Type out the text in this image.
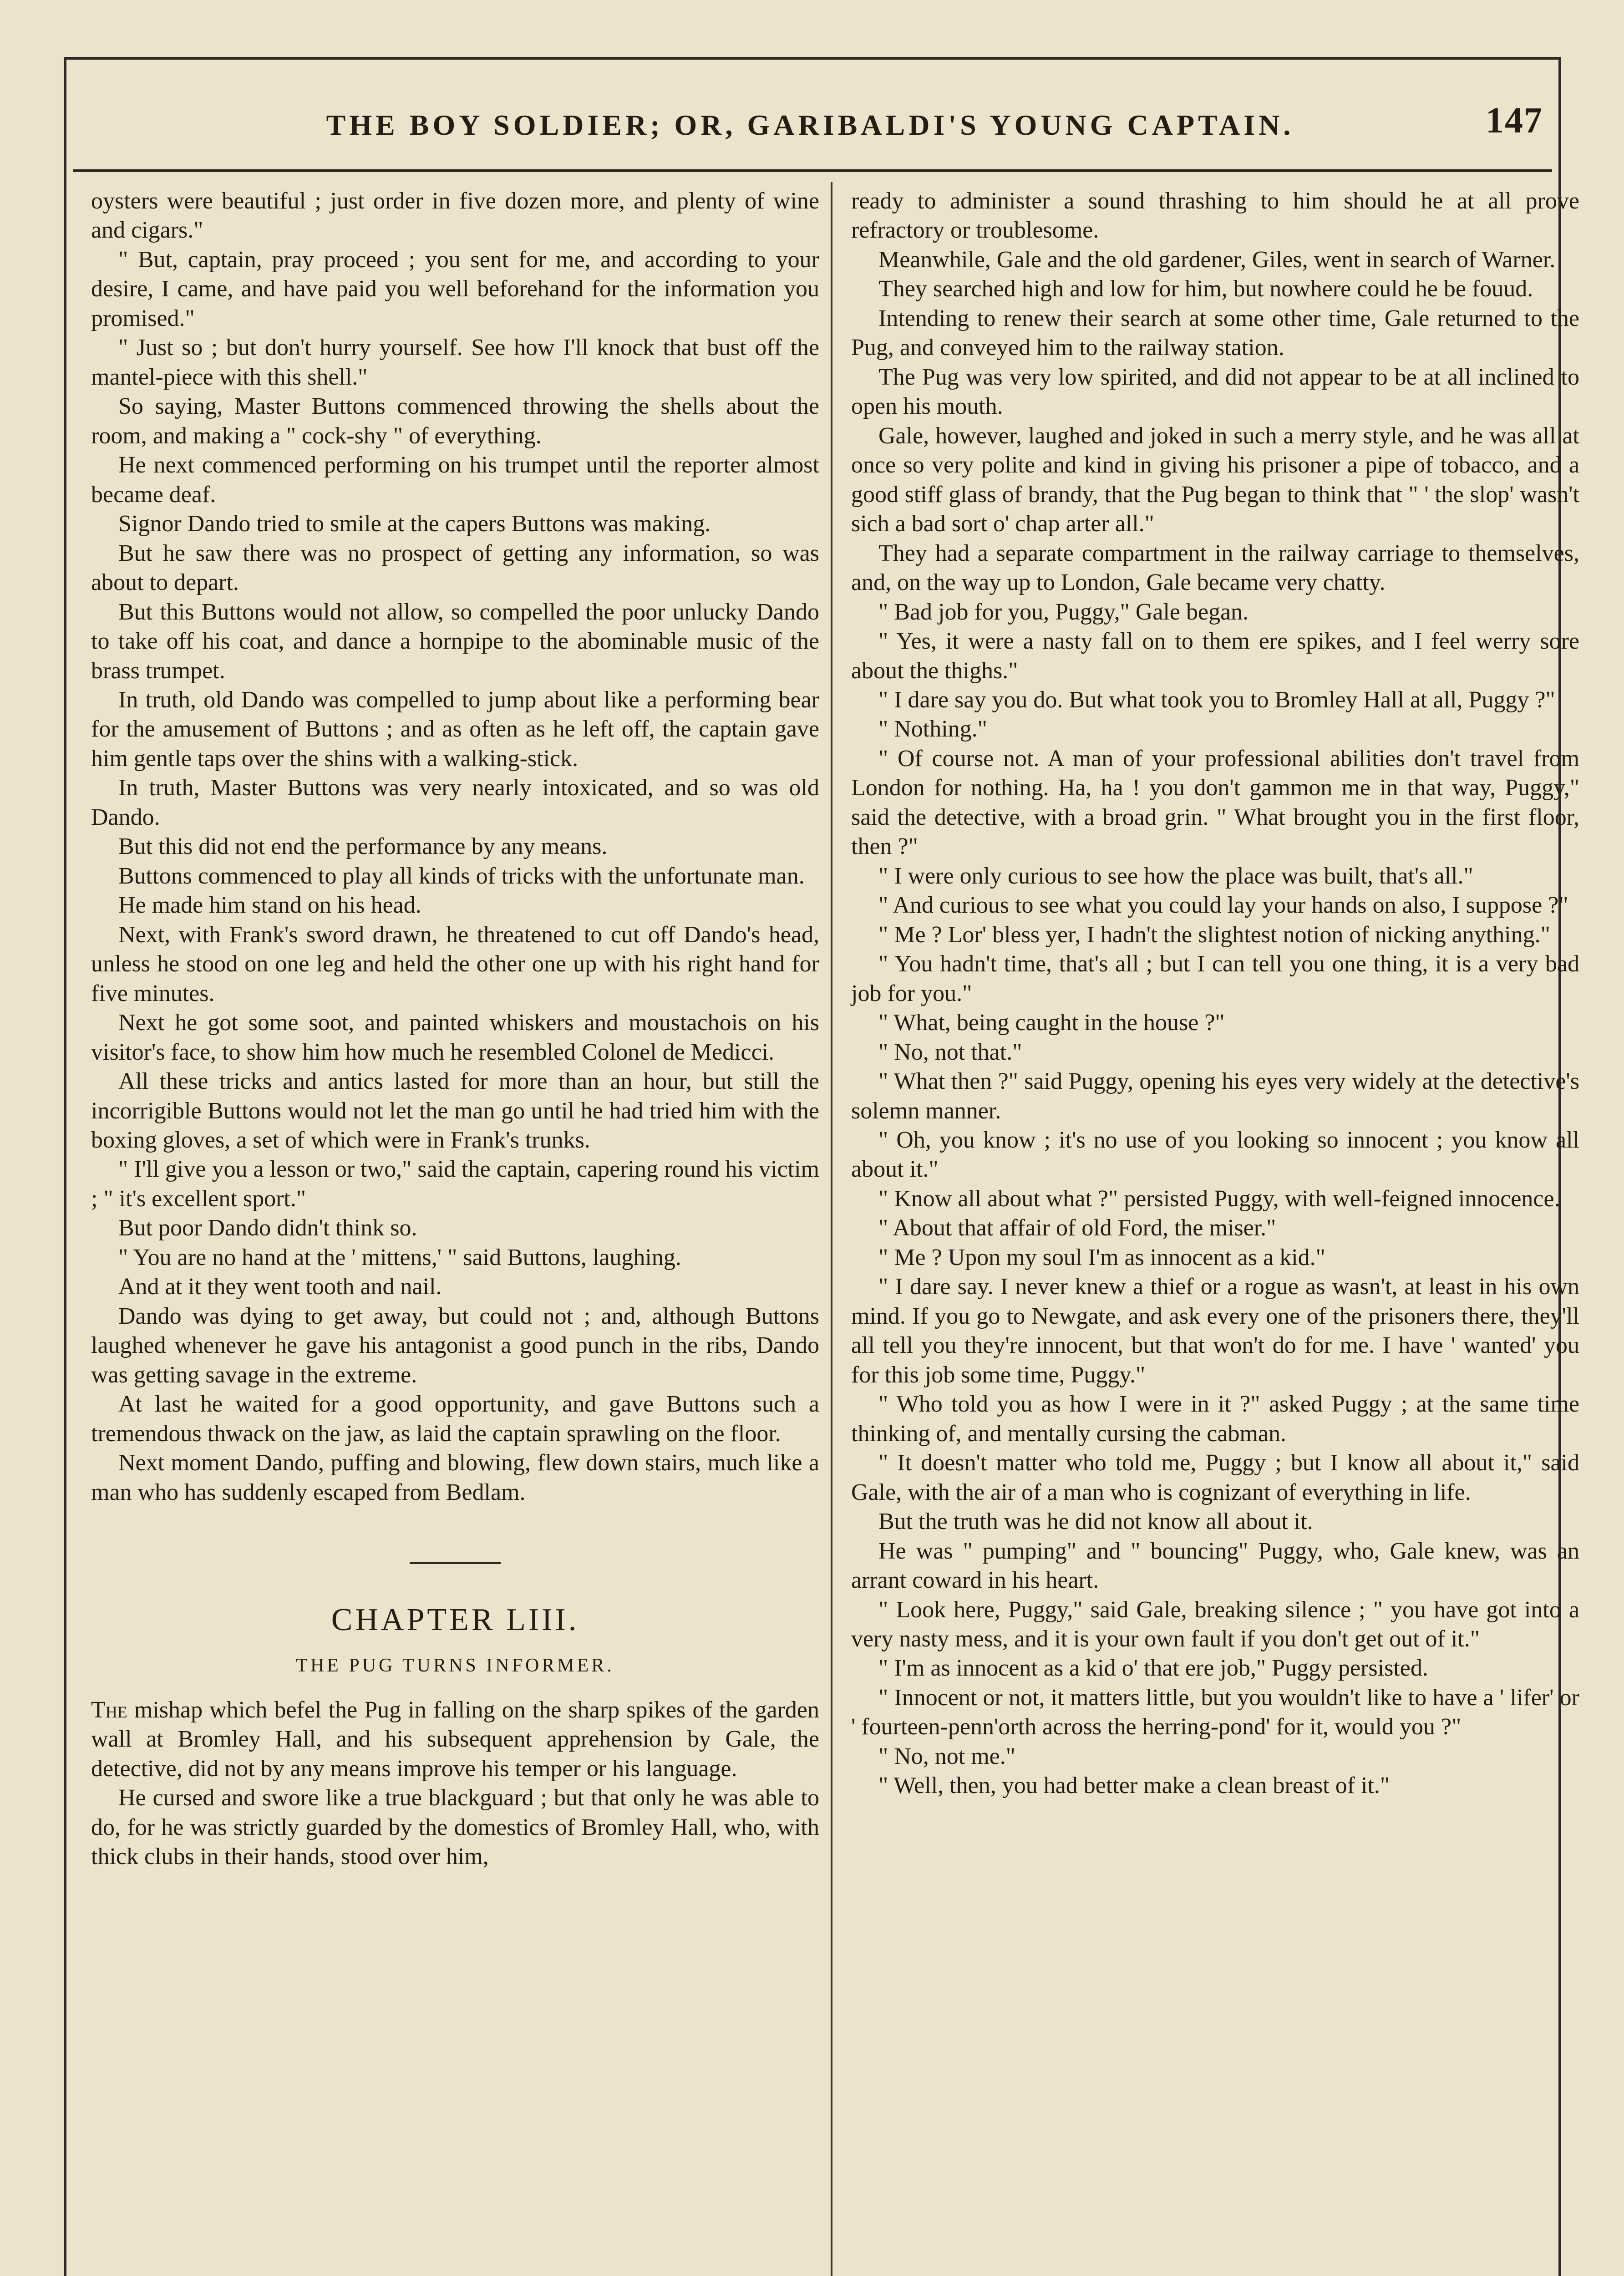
THE BOY SOLDIER; OR, GARIBALDI'S YOUNG CAPTAIN.	147

oysters were beautiful ; just order in five dozen more, and plenty of wine and cigars."

" But, captain, pray proceed ; you sent for me, and according to your desire, I came, and have paid you well beforehand for the information you promised."

" Just so ; but don't hurry yourself. See how I'll knock that bust off the mantel-piece with this shell."

So saying, Master Buttons commenced throwing the shells about the room, and making a " cock-shy " of everything.

He next commenced performing on his trumpet until the reporter almost became deaf.

Signor Dando tried to smile at the capers Buttons was making.

But he saw there was no prospect of getting any information, so was about to depart.

But this Buttons would not allow, so compelled the poor unlucky Dando to take off his coat, and dance a hornpipe to the abominable music of the brass trumpet.

In truth, old Dando was compelled to jump about like a performing bear for the amusement of Buttons ; and as often as he left off, the captain gave him gentle taps over the shins with a walking-stick.

In truth, Master Buttons was very nearly intoxicated, and so was old Dando.

But this did not end the performance by any means.

Buttons commenced to play all kinds of tricks with the unfortunate man.

He made him stand on his head.

Next, with Frank's sword drawn, he threatened to cut off Dando's head, unless he stood on one leg and held the other one up with his right hand for five minutes.

Next he got some soot, and painted whiskers and moustachois on his visitor's face, to show him how much he resembled Colonel de Medicci.

All these tricks and antics lasted for more than an hour, but still the incorrigible Buttons would not let the man go until he had tried him with the boxing gloves, a set of which were in Frank's trunks.

" I'll give you a lesson or two," said the captain, capering round his victim ; " it's excellent sport."

But poor Dando didn't think so.

" You are no hand at the ' mittens,' " said Buttons, laughing.

And at it they went tooth and nail.

Dando was dying to get away, but could not ; and, although Buttons laughed whenever he gave his antagonist a good punch in the ribs, Dando was getting savage in the extreme.

At last he waited for a good opportunity, and gave Buttons such a tremendous thwack on the jaw, as laid the captain sprawling on the floor.

Next moment Dando, puffing and blowing, flew down stairs, much like a man who has suddenly escaped from Bedlam.

CHAPTER LIII.
THE PUG TURNS INFORMER.

The mishap which befel the Pug in falling on the sharp spikes of the garden wall at Bromley Hall, and his subsequent apprehension by Gale, the detective, did not by any means improve his temper or his language.

He cursed and swore like a true blackguard ; but that only he was able to do, for he was strictly guarded by the domestics of Bromley Hall, who, with thick clubs in their hands, stood over him,

ready to administer a sound thrashing to him should he at all prove refractory or troublesome.

Meanwhile, Gale and the old gardener, Giles, went in search of Warner.

They searched high and low for him, but nowhere could he be fouud.

Intending to renew their search at some other time, Gale returned to the Pug, and conveyed him to the railway station.

The Pug was very low spirited, and did not appear to be at all inclined to open his mouth.

Gale, however, laughed and joked in such a merry style, and he was all at once so very polite and kind in giving his prisoner a pipe of tobacco, and a good stiff glass of brandy, that the Pug began to think that " ' the slop' wasn't sich a bad sort o' chap arter all."

They had a separate compartment in the railway carriage to themselves, and, on the way up to London, Gale became very chatty.

" Bad job for you, Puggy," Gale began.

" Yes, it were a nasty fall on to them ere spikes, and I feel werry sore about the thighs."

" I dare say you do. But what took you to Bromley Hall at all, Puggy ?"

" Nothing."

" Of course not. A man of your professional abilities don't travel from London for nothing. Ha, ha ! you don't gammon me in that way, Puggy," said the detective, with a broad grin. " What brought you in the first floor, then ?"

" I were only curious to see how the place was built, that's all."

" And curious to see what you could lay your hands on also, I suppose ?"

" Me ? Lor' bless yer, I hadn't the slightest notion of nicking anything."

" You hadn't time, that's all ; but I can tell you one thing, it is a very bad job for you."

" What, being caught in the house ?"

" No, not that."

" What then ?" said Puggy, opening his eyes very widely at the detective's solemn manner.

" Oh, you know ; it's no use of you looking so innocent ; you know all about it."

" Know all about what ?" persisted Puggy, with well-feigned innocence.

" About that affair of old Ford, the miser."

" Me ? Upon my soul I'm as innocent as a kid."

" I dare say. I never knew a thief or a rogue as wasn't, at least in his own mind. If you go to Newgate, and ask every one of the prisoners there, they'll all tell you they're innocent, but that won't do for me. I have ' wanted' you for this job some time, Puggy."

" Who told you as how I were in it ?" asked Puggy ; at the same time thinking of, and mentally cursing the cabman.

" It doesn't matter who told me, Puggy ; but I know all about it," said Gale, with the air of a man who is cognizant of everything in life.

But the truth was he did not know all about it.

He was " pumping" and " bouncing" Puggy, who, Gale knew, was an arrant coward in his heart.

" Look here, Puggy," said Gale, breaking silence ; " you have got into a very nasty mess, and it is your own fault if you don't get out of it."

" I'm as innocent as a kid o' that ere job," Puggy persisted.

" Innocent or not, it matters little, but you wouldn't like to have a ' lifer' or ' fourteen-penn'orth across the herring-pond' for it, would you ?"

" No, not me."

" Well, then, you had better make a clean breast of it."
